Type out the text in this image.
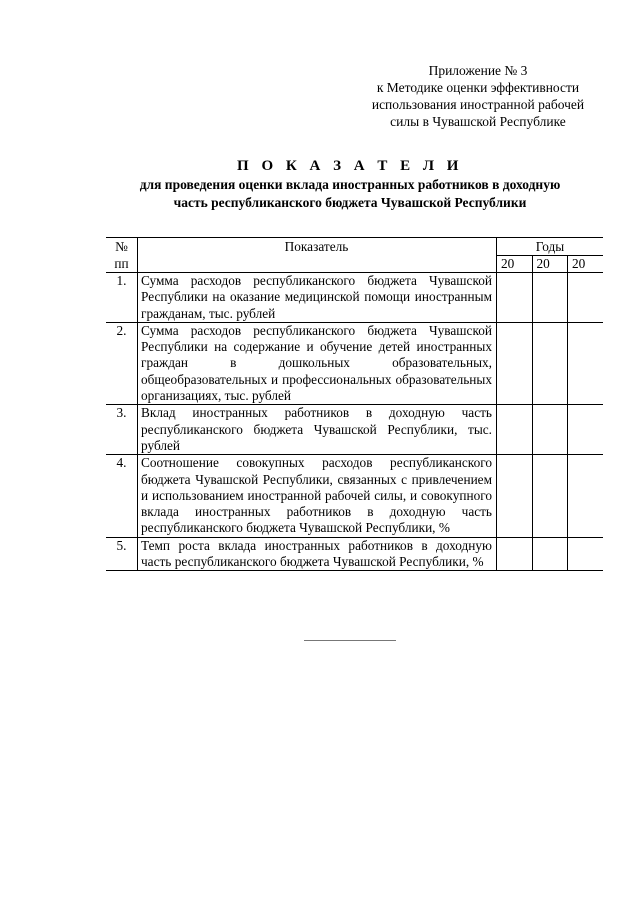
Приложение № 3
к Методике оценки эффективности
использования иностранной рабочей
силы в Чувашской Республике
П О К А З А Т Е Л И
для проведения оценки вклада иностранных работников в доходную
часть республиканского бюджета Чувашской Республики
№	Показатель	Годы		
пп		20	20	20

1.	Сумма расходов республиканского бюджета Чувашской Республики на оказание медицинской помощи иностранным гражданам, тыс. рублей			

2.	Сумма расходов республиканского бюджета Чувашской Республики на содержание и обучение детей иностранных граждан в дошкольных образовательных, общеобразовательных и профессиональных образовательных организациях, тыс. рублей			

3.	Вклад иностранных работников в доходную часть республиканского бюджета Чувашской Республики, тыс. рублей			

4.	Соотношение совокупных расходов республиканского бюджета Чувашской Республики, связанных с привлечением и использованием иностранной рабочей силы, и совокупного вклада иностранных работников в доходную часть республиканского бюджета Чувашской Республики, %			

5.	Темп роста вклада иностранных работников в доходную часть республиканского бюджета Чувашской Республики, %			
